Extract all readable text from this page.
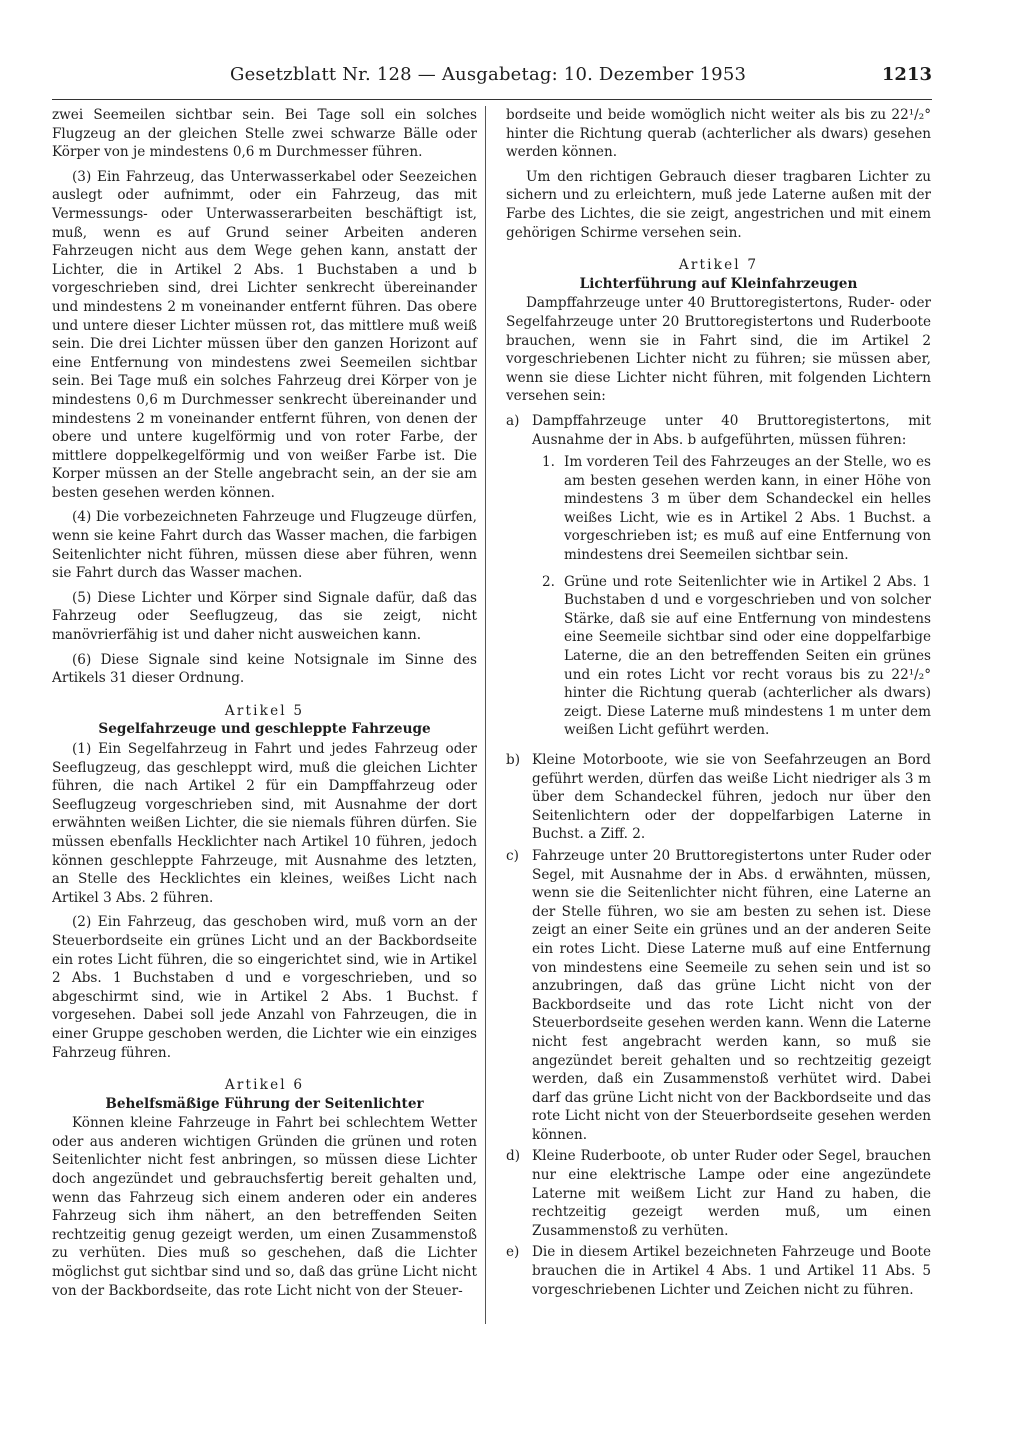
Gesetzblatt Nr. 128 — Ausgabetag: 10. Dezember 1953	1213

zwei Seemeilen sichtbar sein. Bei Tage soll ein solches Flugzeug an der gleichen Stelle zwei schwarze Bälle oder Körper von je mindestens 0,6 m Durchmesser führen.

(3) Ein Fahrzeug, das Unterwasserkabel oder Seezeichen auslegt oder aufnimmt, oder ein Fahrzeug, das mit Vermessungs- oder Unterwasserarbeiten beschäftigt ist, muß, wenn es auf Grund seiner Arbeiten anderen Fahrzeugen nicht aus dem Wege gehen kann, anstatt der Lichter, die in Artikel 2 Abs. 1 Buchstaben a und b vorgeschrieben sind, drei Lichter senkrecht übereinander und mindestens 2 m voneinander entfernt führen. Das obere und untere dieser Lichter müssen rot, das mittlere muß weiß sein. Die drei Lichter müssen über den ganzen Horizont auf eine Entfernung von mindestens zwei Seemeilen sichtbar sein. Bei Tage muß ein solches Fahrzeug drei Körper von je mindestens 0,6 m Durchmesser senkrecht übereinander und mindestens 2 m voneinander entfernt führen, von denen der obere und untere kugelförmig und von roter Farbe, der mittlere doppelkegelförmig und von weißer Farbe ist. Die Korper müssen an der Stelle angebracht sein, an der sie am besten gesehen werden können.

(4) Die vorbezeichneten Fahrzeuge und Flugzeuge dürfen, wenn sie keine Fahrt durch das Wasser machen, die farbigen Seitenlichter nicht führen, müssen diese aber führen, wenn sie Fahrt durch das Wasser machen.

(5) Diese Lichter und Körper sind Signale dafür, daß das Fahrzeug oder Seeflugzeug, das sie zeigt, nicht manövrierfähig ist und daher nicht ausweichen kann.

(6) Diese Signale sind keine Notsignale im Sinne des Artikels 31 dieser Ordnung.

Artikel 5
Segelfahrzeuge und geschleppte Fahrzeuge

(1) Ein Segelfahrzeug in Fahrt und jedes Fahrzeug oder Seeflugzeug, das geschleppt wird, muß die gleichen Lichter führen, die nach Artikel 2 für ein Dampffahrzeug oder Seeflugzeug vorgeschrieben sind, mit Ausnahme der dort erwähnten weißen Lichter, die sie niemals führen dürfen. Sie müssen ebenfalls Hecklichter nach Artikel 10 führen, jedoch können geschleppte Fahrzeuge, mit Ausnahme des letzten, an Stelle des Hecklichtes ein kleines, weißes Licht nach Artikel 3 Abs. 2 führen.

(2) Ein Fahrzeug, das geschoben wird, muß vorn an der Steuerbordseite ein grünes Licht und an der Backbordseite ein rotes Licht führen, die so eingerichtet sind, wie in Artikel 2 Abs. 1 Buchstaben d und e vorgeschrieben, und so abgeschirmt sind, wie in Artikel 2 Abs. 1 Buchst. f vorgesehen. Dabei soll jede Anzahl von Fahrzeugen, die in einer Gruppe geschoben werden, die Lichter wie ein einziges Fahrzeug führen.

Artikel 6
Behelfsmäßige Führung der Seitenlichter

Können kleine Fahrzeuge in Fahrt bei schlechtem Wetter oder aus anderen wichtigen Gründen die grünen und roten Seitenlichter nicht fest anbringen, so müssen diese Lichter doch angezündet und gebrauchsfertig bereit gehalten und, wenn das Fahrzeug sich einem anderen oder ein anderes Fahrzeug sich ihm nähert, an den betreffenden Seiten rechtzeitig genug gezeigt werden, um einen Zusammenstoß zu verhüten. Dies muß so geschehen, daß die Lichter möglichst gut sichtbar sind und so, daß das grüne Licht nicht von der Backbordseite, das rote Licht nicht von der Steuer-

bordseite und beide womöglich nicht weiter als bis zu 22¹/₂° hinter die Richtung querab (achterlicher als dwars) gesehen werden können.

Um den richtigen Gebrauch dieser tragbaren Lichter zu sichern und zu erleichtern, muß jede Laterne außen mit der Farbe des Lichtes, die sie zeigt, angestrichen und mit einem gehörigen Schirme versehen sein.

Artikel 7
Lichterführung auf Kleinfahrzeugen

Dampffahrzeuge unter 40 Bruttoregistertons, Ruder- oder Segelfahrzeuge unter 20 Bruttoregistertons und Ruderboote brauchen, wenn sie in Fahrt sind, die im Artikel 2 vorgeschriebenen Lichter nicht zu führen; sie müssen aber, wenn sie diese Lichter nicht führen, mit folgenden Lichtern versehen sein:

a) Dampffahrzeuge unter 40 Bruttoregistertons, mit Ausnahme der in Abs. b aufgeführten, müssen führen:
1. Im vorderen Teil des Fahrzeuges an der Stelle, wo es am besten gesehen werden kann, in einer Höhe von mindestens 3 m über dem Schandeckel ein helles weißes Licht, wie es in Artikel 2 Abs. 1 Buchst. a vorgeschrieben ist; es muß auf eine Entfernung von mindestens drei Seemeilen sichtbar sein.
2. Grüne und rote Seitenlichter wie in Artikel 2 Abs. 1 Buchstaben d und e vorgeschrieben und von solcher Stärke, daß sie auf eine Entfernung von mindestens eine Seemeile sichtbar sind oder eine doppelfarbige Laterne, die an den betreffenden Seiten ein grünes und ein rotes Licht vor recht voraus bis zu 22¹/₂° hinter die Richtung querab (achterlicher als dwars) zeigt. Diese Laterne muß mindestens 1 m unter dem weißen Licht geführt werden.
b) Kleine Motorboote, wie sie von Seefahrzeugen an Bord geführt werden, dürfen das weiße Licht niedriger als 3 m über dem Schandeckel führen, jedoch nur über den Seitenlichtern oder der doppelfarbigen Laterne in Buchst. a Ziff. 2.
c) Fahrzeuge unter 20 Bruttoregistertons unter Ruder oder Segel, mit Ausnahme der in Abs. d erwähnten, müssen, wenn sie die Seitenlichter nicht führen, eine Laterne an der Stelle führen, wo sie am besten zu sehen ist. Diese zeigt an einer Seite ein grünes und an der anderen Seite ein rotes Licht. Diese Laterne muß auf eine Entfernung von mindestens eine Seemeile zu sehen sein und ist so anzubringen, daß das grüne Licht nicht von der Backbordseite und das rote Licht nicht von der Steuerbordseite gesehen werden kann. Wenn die Laterne nicht fest angebracht werden kann, so muß sie angezündet bereit gehalten und so rechtzeitig gezeigt werden, daß ein Zusammenstoß verhütet wird. Dabei darf das grüne Licht nicht von der Backbordseite und das rote Licht nicht von der Steuerbordseite gesehen werden können.
d) Kleine Ruderboote, ob unter Ruder oder Segel, brauchen nur eine elektrische Lampe oder eine angezündete Laterne mit weißem Licht zur Hand zu haben, die rechtzeitig gezeigt werden muß, um einen Zusammenstoß zu verhüten.
e) Die in diesem Artikel bezeichneten Fahrzeuge und Boote brauchen die in Artikel 4 Abs. 1 und Artikel 11 Abs. 5 vorgeschriebenen Lichter und Zeichen nicht zu führen.
